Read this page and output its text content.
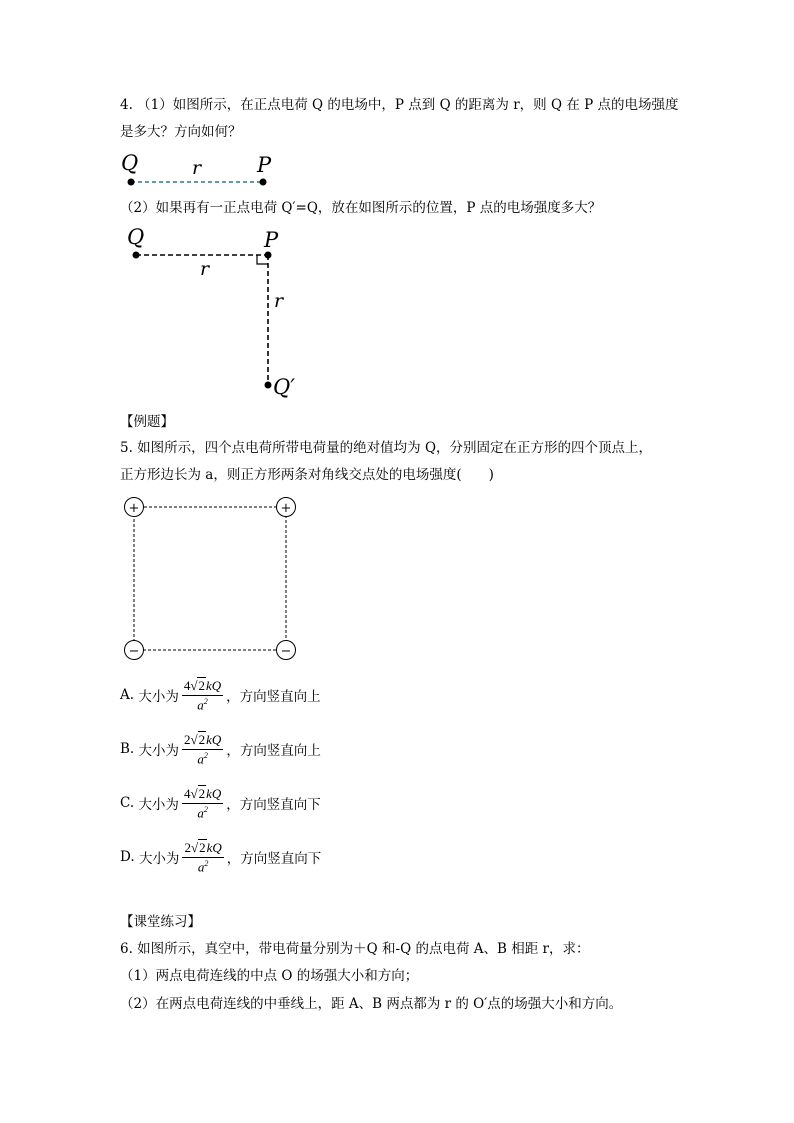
4. （1）如图所示，在正点电荷 Q 的电场中，P 点到 Q 的距离为 r，则 Q 在 P 点的电场强度
是多大？方向如何？
Q	r	P
（2）如果再有一正点电荷 Q′=Q，放在如图所示的位置，P 点的电场强度多大？
Q	P
r
r
Q′
【例题】
5. 如图所示，四个点电荷所带电荷量的绝对值均为 Q，分别固定在正方形的四个顶点上，
正方形边长为 a，则正方形两条对角线交点处的电场强度(　　)
+	+
−	−
A.
大小为 $\frac{4 √ 2 kQ}{a^2}$ ，方向竖直向上
B.
大小为 $\frac{2 √ 2 kQ}{a^2}$ ，方向竖直向上
C.
大小为 $\frac{4 √ 2 kQ}{a^2}$ ，方向竖直向下
D.
大小为 $\frac{2 √ 2 kQ}{a^2}$ ，方向竖直向下
【课堂练习】
6. 如图所示，真空中，带电荷量分别为＋Q 和-Q 的点电荷 A、B 相距 r，求：
（1）两点电荷连线的中点 O 的场强大小和方向；
（2）在两点电荷连线的中垂线上，距 A、B 两点都为 r 的 O′点的场强大小和方向。
